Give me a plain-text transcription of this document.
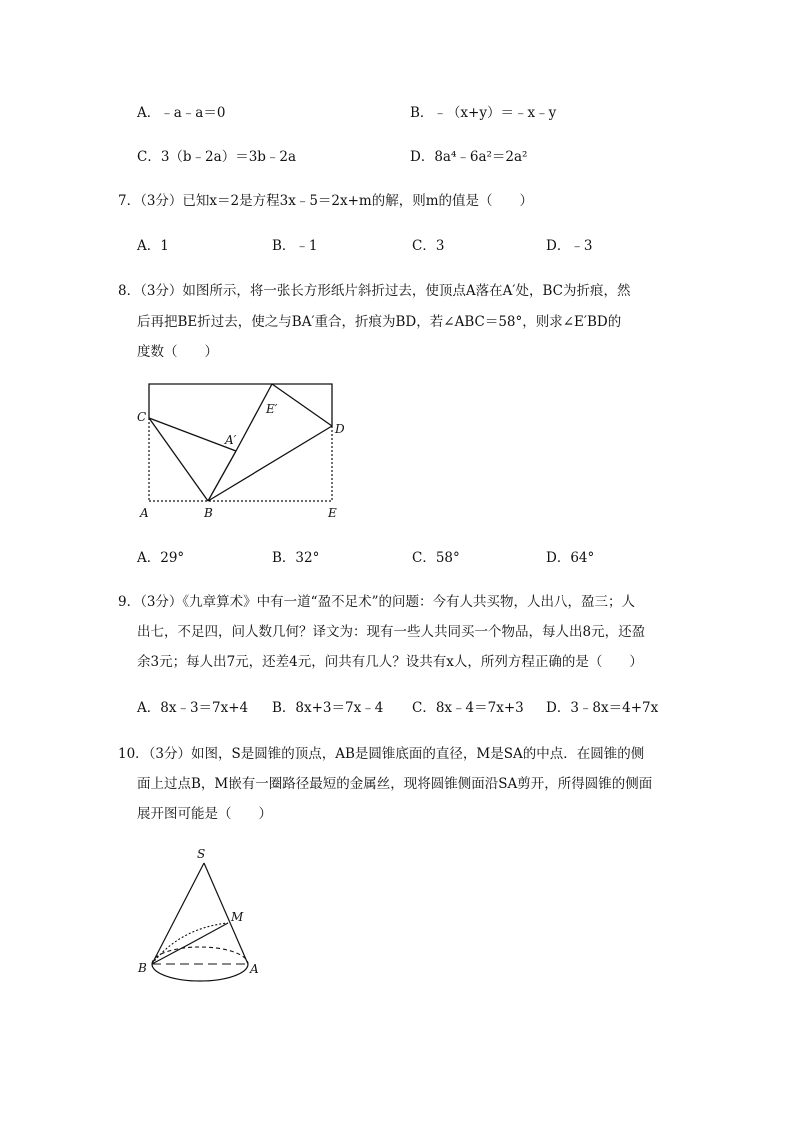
A．﹣a﹣a＝0	B．﹣（x+y）＝﹣x﹣y
C．3（b﹣2a）＝3b﹣2a	D．8a⁴﹣6a²＝2a²
7．（3分）已知x＝2是方程3x﹣5＝2x+m的解，则m的值是（　　）
A．1	B．﹣1	C．3	D．﹣3
8．（3分）如图所示，将一张长方形纸片斜折过去，使顶点A落在A′处，BC为折痕，然
后再把BE折过去，使之与BA′重合，折痕为BD，若∠ABC＝58°，则求∠E′BD的
度数（　　）
C
A′
E′
D
A	B	E
A．29°	B．32°	C．58°	D．64°
9．（3分）《九章算术》中有一道“盈不足术”的问题：今有人共买物，人出八，盈三；人
出七，不足四，问人数几何？译文为：现有一些人共同买一个物品，每人出8元，还盈
余3元；每人出7元，还差4元，问共有几人？设共有x人，所列方程正确的是（　　）
A．8x﹣3＝7x+4 B．8x+3＝7x﹣4 C．8x﹣4＝7x+3 D．3﹣8x＝4+7x
10．（3分）如图，S是圆锥的顶点，AB是圆锥底面的直径，M是SA的中点．在圆锥的侧
面上过点B，M嵌有一圈路径最短的金属丝，现将圆锥侧面沿SA剪开，所得圆锥的侧面
展开图可能是（　　）
S
M
B	A
